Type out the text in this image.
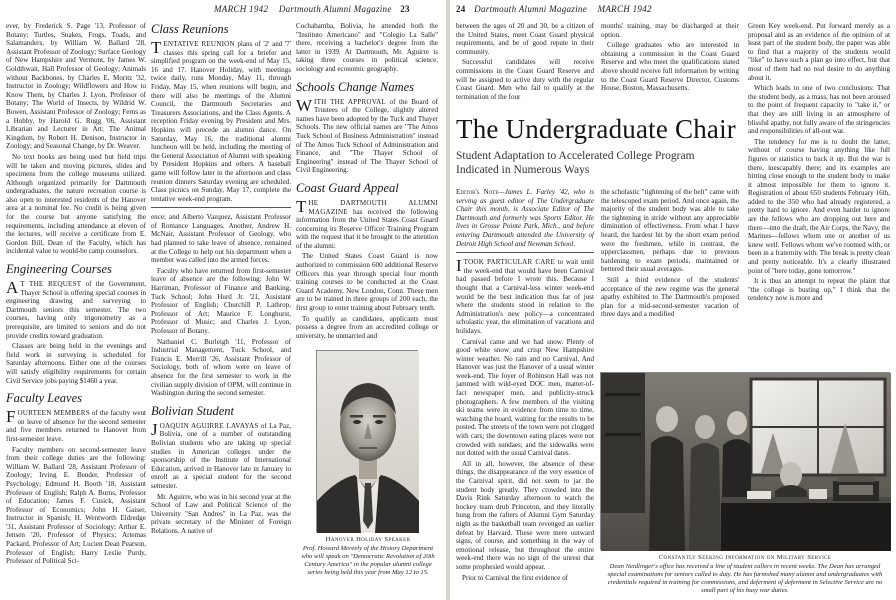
MARCH 1942 Dartmouth Alumni Magazine 23

ever, by Frederick S. Page '13, Professor of Botany; Turtles, Snakes, Frogs, Toads, and Salamanders, by William W. Ballard '28, Assistant Professor of Zoology; Surface Geology of New Hampshire and Vermont, by James W. Goldthwait, Hall Professor of Geology; Animals without Backbones, by Charles E. Moritz '32, Instructor in Zoology; Wildflowers and How to Know Them, by Charles J. Lyon, Professor of Botany; The World of Insects, by Wildrid W. Bowen, Assistant Professor of Zoology; Ferns as a Hobby, by Harold G. Rugg '06, Assistant Librarian and Lecturer in Art; The Animal Kingdom, by Robert H. Denison, Instructor in Zoology; and Seasonal Change, by Dr. Weaver.

No text books are being used but field trips will be taken and moving pictures, slides and specimens from the college museums utilized. Although organized primarily for Dartmouth undergraduates, the nature recreation course is also open to interested residents of the Hanover area at a nominal fee. No credit is being given for the course but anyone satisfying the requirements, including attendance at eleven of the lectures, will receive a certificate from E. Gordon Bill, Dean of the Faculty, which has incidental value to would-be camp counselors.

Engineering Courses

A T THE REQUEST of the Government, Thayer School is offering special courses in engineering drawing and surveying to Dartmouth seniors this semester. The two courses, having only trigonometry as a prerequisite, are limited to seniors and do not provide credits toward graduation.

Classes are being held in the evenings and field work in surveying is scheduled for Saturday afternoons. Either one of the courses will satisfy eligibility requirements for certain Civil Service jobs paying $1460 a year.

Faculty Leaves

FOURTEEN MEMBERS of the faculty went on leave of absence for the second semester and five members returned to Hanover from first-semester leave.

Faculty members on second-semester leave from their college duties are the following: William W. Ballard '28, Assistant Professor of Zoology; Irving E. Bender, Professor of Psychology; Edmund H. Booth '18, Assistant Professor of English; Ralph A. Burns, Professor of Education; James F. Cusick, Assistant Professor of Economics; John H. Gaiser, Instructor in Spanish; H. Wentworth Eldredge '31, Assistant Professor of Sociology; Arthur E. Jensen '20, Professor of Physics; Artemas Packard, Professor of Art; Lucien Dean Pearson, Professor of English; Harry Leslie Purdy, Professor of Political Sci-

Class Reunions

TENTATIVE REUNION plans of '2' and '7' classes this spring call for a briefer and simplified program on the week-end of May 15, 16 and 17. Hanover Holiday, with meetings twice daily, runs Monday, May 11, through Friday, May 15, when reunions will begin, and there will also be meetings of the Alumni Council, the Dartmouth Secretaries and Treasurers Associations, and the Class Agents. A reception Friday evening by President and Mrs. Hopkins will precede an alumni dance. On Saturday, May 16, the traditional alumni luncheon will be held, including the meeting of the General Association of Alumni with speaking by President Hopkins and others. A baseball game will follow later in the afternoon and class reunion dinners Saturday evening are scheduled. Class picnics on Sunday, May 17, complete the tentative week-end program.

ence; and Alberto Vazquez, Assistant Professor of Romance Languages. Another, Andrew H. McNair, Assistant Professor of Geology, who had planned to take leave of absence, remained at the College to help out his department when a member was called into the armed forces.

Faculty who have returned from first-semester leave of absence are the following: John W. Harriman, Professor of Finance and Banking, Tuck School; John Hurd Jr. '21, Assistant Professor of English; Churchill P. Lathrop, Professor of Art; Maurice F. Longhurst, Professor of Music; and Charles J. Lyon, Professor of Botany.

Nathaniel C. Burleigh '11, Professor of Industrial Management, Tuck School, and Francis E. Merrill '26, Assistant Professor of Sociology, both of whom were on leave of absence for the first semester to work in the civilian supply division of OPM, will continue in Washington during the second semester.

Bolivian Student

JOAQUIN AGUIRRE LAVAYAS of La Paz, Bolivia, one of a number of outstanding Bolivian students who are taking up special studies in American colleges under the sponsorship of the Institute of International Education, arrived in Hanover late in January to enroll as a special student for the second semester.

Mr. Aguirre, who was in his second year at the School of Law and Political Science of the University "San Andres" in La Paz, was the private secretary of the Minister of Foreign Relations. A native of

Cochabamba, Bolivia, he attended both the "Instituto Americano" and "Colegio La Salle" there, receiving a bachelor's degree from the latter in 1939. At Dartmouth, Mr. Aguirre is taking three courses in political science, sociology and economic geography.

Schools Change Names

WITH THE APPROVAL of the Board of Trustees of the College, slightly altered names have been adopted by the Tuck and Thayer Schools. The new official names are "The Amos Tuck School of Business Administration" instead of The Amos Tuck School of Administration and Finance, and "The Thayer School of Engineering" instead of The Thayer School of Civil Engineering.

Coast Guard Appeal

THE DARTMOUTH ALUMNI MAGAZINE has received the following information from the United States Coast Guard concerning its Reserve Officer Training Program with the request that it be brought to the attention of the alumni:

The United States Coast Guard is now authorized to commission 600 additional Reserve Officers this year through special four month training courses to be conducted at the Coast Guard Academy, New London, Conn. These men are to be trained in three groups of 200 each, the first group to enter training about February tenth.

To qualify as candidates, applicants must possess a degree from an accredited college or university, be unmarried and

Hanover Holiday Speaker
Prof. Howard Mereely of the History Department who will speak on "Democratic Revolution of 20th Century America" in the popular alumni college series being held this year from May 12 to 15.
24 Dartmouth Alumni Magazine MARCH 1942

between the ages of 20 and 30, be a citizen of the United States, meet Coast Guard physical requirements, and be of good repute in their community.

Successful candidates will receive commissions in the Coast Guard Reserve and will be assigned to active duty with the regular Coast Guard. Men who fail to qualify at the termination of the four

months' training, may be discharged at their option.

College graduates who are interested in obtaining a commission in the Coast Guard Reserve and who meet the qualifications stated above should receive full information by writing to the Coast Guard Reserve Director, Customs House, Boston, Massachusetts.

The Undergraduate Chair
Student Adaptation to Accelerated College Program
Indicated in Numerous Ways

Green Key week-end. Put forward merely as a proposal and as an evidence of the opinion of at least part of the student body, the paper was able to find that a majority of the students would "like" to have such a plan go into effect, but that most of them had no real desire to do anything about it.

Which leads to one of two conclusions: That the student body, as a mass, has not been aroused to the point of frequent capacity to "take it," or that they are still living in an atmosphere of blissful apathy, not fully aware of the stringencies and responsibilities of all-out war.

The tendency for me is to doubt the latter, without of course having anything like full figures or statistics to back it up. But the war is there, inescapably there; and its examples are hitting close enough to the student body to make it almost impossible for them to ignore it. Registration of about 650 students February 16th, added to the 350 who had already registered, a pretty hard to ignore. And even harder to ignore are the fellows who are dropping out here and there—into the draft, the Air Corps, the Navy, the Marines—fellows whom one or another of us knew well. Fellows whom we've roomed with, or been in a fraternity with. The break is pretty clean and pretty noticeable. It's a clearly illustrated point of "here today, gone tomorrow."

It is thus an attempt to repeat the plaint that "the college is busting up," I think that the tendency now is more and

Editor's Note—James L. Farley '42, who is serving as guest editor of The Undergraduate Chair this month, is Associate Editor of The Dartmouth and formerly was Sports Editor. He lives in Grosse Pointe Park, Mich., and before entering Dartmouth attended the University of Detroit High School and Newman School.

ITOOK PARTICULAR CARE to wait until the week-end that would have been Carnival had passed before I wrote this. Because I thought that a Carnival-less winter week-end would be the best indication thus far of just where the students stood in relation to the Administration's new policy—a concentrated scholastic year, the elimination of vacations and holidays.

Carnival came and we had snow. Plenty of good white snow and crisp New Hampshire winter weather. No rain and no Carnival. And Hanover was just the Hanover of a usual winter week-end. The foyer of Robinson Hall was not jammed with wild-eyed DOC men, matter-of-fact newspaper men, and publicity-struck photographers. A few members of the visiting ski teams were in evidence from time to time, watching the board, waiting for the results to be posted. The streets of the town were not clogged with cars; the downtown eating places were not crowded with sundaes; and the sidewalks were not dotted with the usual Carnival dates.

All in all, however, the absence of these things, the disappearance of the very essence of the Carnival spirit, did not seem to jar the student body greatly. They crowded into the Davis Rink Saturday afternoon to watch the hockey team drub Princeton, and they literally hung from the rafters of Alumni Gym Saturday night as the basketball team revenged an earlier defeat by Harvard. These were mere outward signs, of course, and something in the way of emotional release, but throughout the entire week-end there was no sign of the unrest that some prophesied would appear.

Prior to Carnival the first evidence of

the scholastic "tightening of the belt" came with the telescoped exam period. And once again, the majority of the student body was able to take the tightening in stride without any appreciable diminution of effectiveness. From what I have heard, the hardest hit by the short exam period were the freshmen, while in contrast, the upperclassmen, perhaps due to previous hardening to exam periods, maintained or bettered their usual averages.

Still a third evidence of the students' acceptance of the new regime was the general apathy exhibited to The Dartmouth's proposed plan for a mid-second-semester vacation of three days and a modified

Constantly Seeking Information on Military Service
Dean Neidlinger's office has received a line of student callers in recent weeks. The Dean has arranged special examinations for seniors called to duty. He has furnished many alumni and undergraduates with credentials required in training for commissions, and deferment of deferment in Selective Service are no small part of his busy war duties.
